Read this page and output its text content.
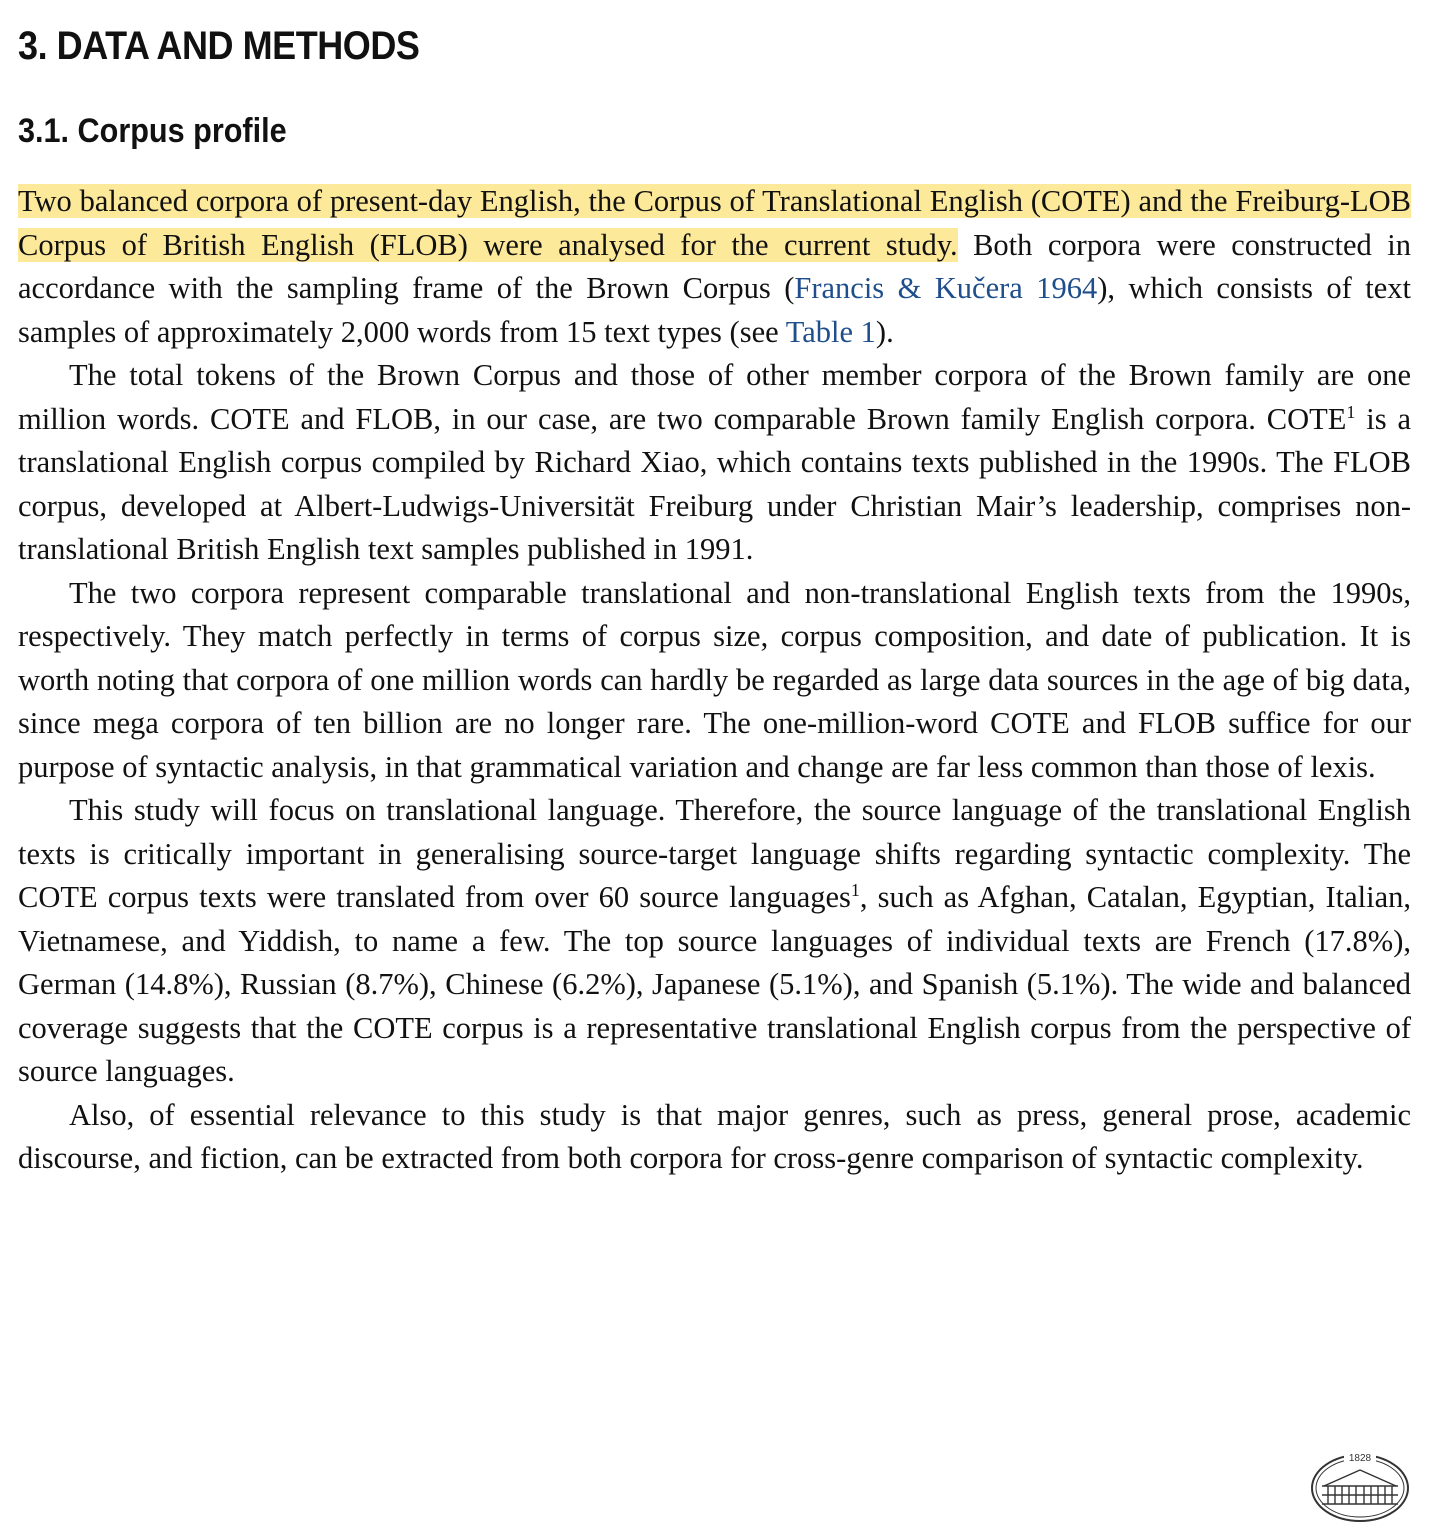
3. DATA AND METHODS
3.1. Corpus profile

Two balanced corpora of present-day English, the Corpus of Translational English (COTE) and the Freiburg-LOB Corpus of British English (FLOB) were analysed for the current study. Both corpora were constructed in accordance with the sampling frame of the Brown Corpus (Francis & Kučera 1964), which consists of text samples of approximately 2,000 words from 15 text types (see Table 1).

The total tokens of the Brown Corpus and those of other member corpora of the Brown family are one million words. COTE and FLOB, in our case, are two comparable Brown family English corpora. COTE$^1$ is a translational English corpus compiled by Richard Xiao, which contains texts published in the 1990s. The FLOB corpus, developed at Albert-Ludwigs-Universität Freiburg under Christian Mair’s leadership, comprises non-translational British English text samples published in 1991.

The two corpora represent comparable translational and non-translational English texts from the 1990s, respectively. They match perfectly in terms of corpus size, corpus composition, and date of publication. It is worth noting that corpora of one million words can hardly be regarded as large data sources in the age of big data, since mega corpora of ten billion are no longer rare. The one-million-word COTE and FLOB suffice for our purpose of syntactic analysis, in that grammatical variation and change are far less common than those of lexis.

This study will focus on translational language. Therefore, the source language of the translational English texts is critically important in generalising source-target language shifts regarding syntactic complexity. The COTE corpus texts were translated from over 60 source languages$^1$, such as Afghan, Catalan, Egyptian, Italian, Vietnamese, and Yiddish, to name a few. The top source languages of individual texts are French (17.8%), German (14.8%), Russian (8.7%), Chinese (6.2%), Japanese (5.1%), and Spanish (5.1%). The wide and balanced coverage suggests that the COTE corpus is a representative translational English corpus from the perspective of source languages.

Also, of essential relevance to this study is that major genres, such as press, general prose, academic discourse, and fiction, can be extracted from both corpora for cross-genre comparison of syntactic complexity.

1828
